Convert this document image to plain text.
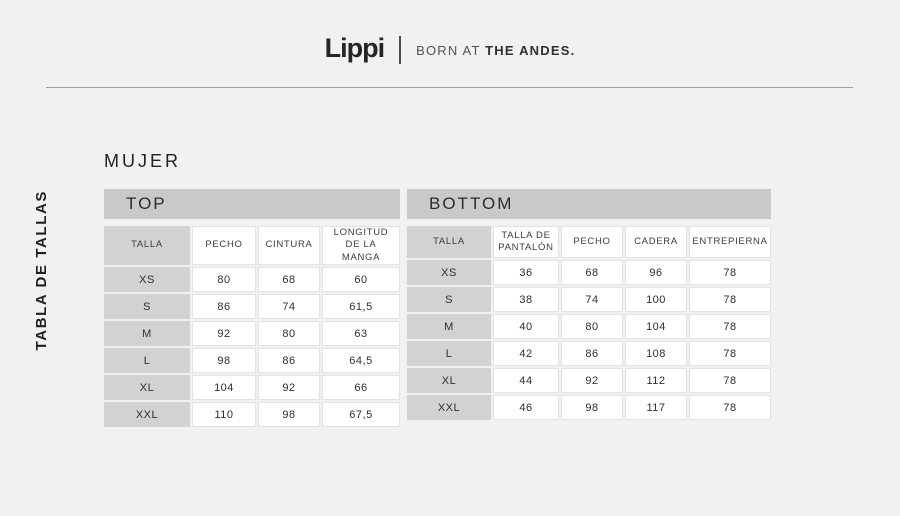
Lippi BORN AT THE ANDES.
TABLA DE TALLAS
MUJER
TOP
TALLA	PECHO	CINTURA	LONGITUD DE LA MANGA
XS	80	68	60
S	86	74	61,5
M	92	80	63
L	98	86	64,5
XL	104	92	66
XXL	110	98	67,5
BOTTOM
TALLA	TALLA DE PANTALÓN	PECHO	CADERA	ENTREPIERNA
XS	36	68	96	78
S	38	74	100	78
M	40	80	104	78
L	42	86	108	78
XL	44	92	112	78
XXL	46	98	117	78
